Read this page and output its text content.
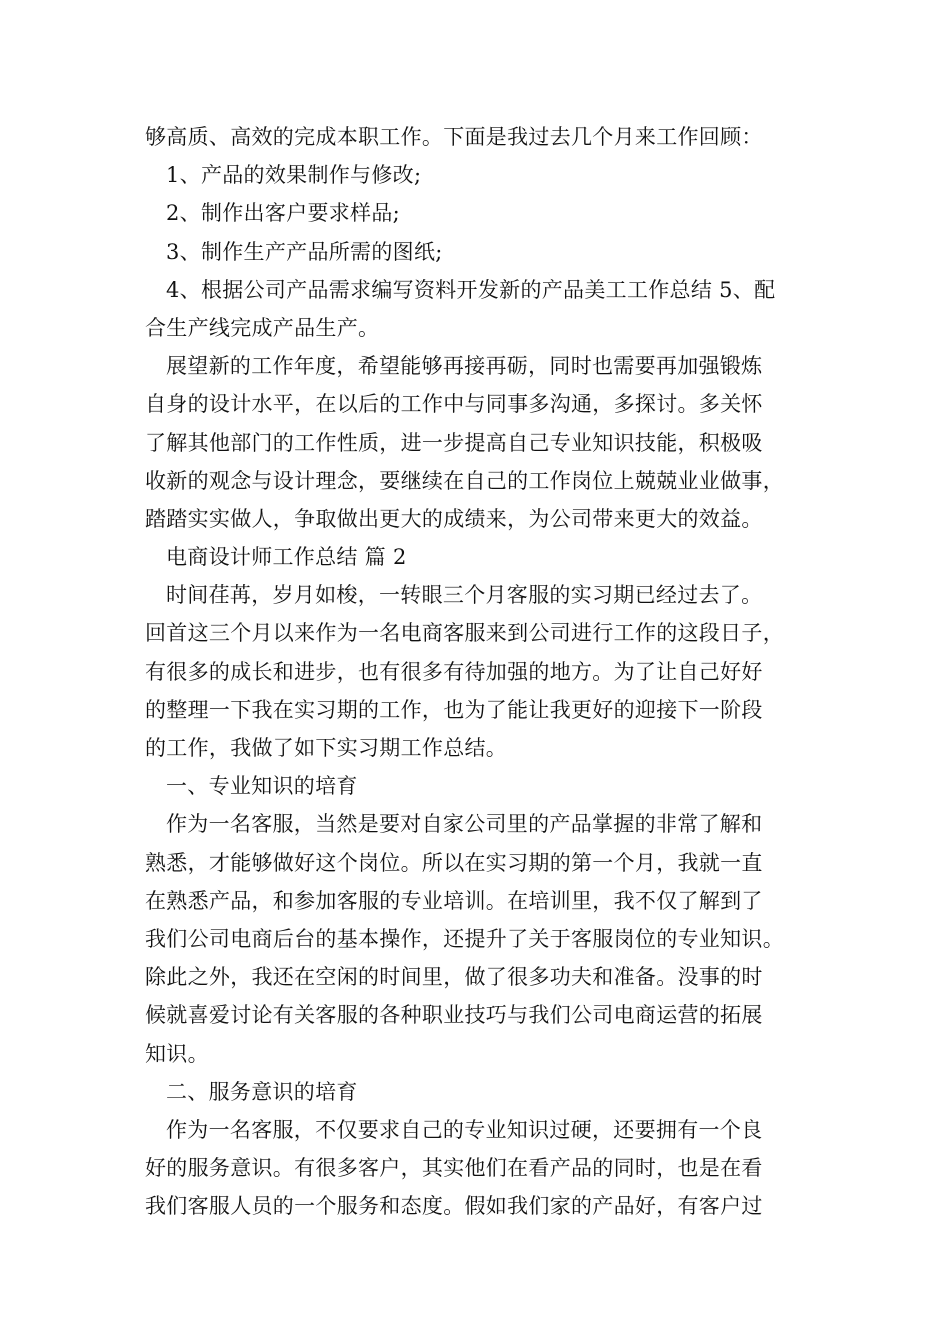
够高质、高效的完成本职工作。下面是我过去几个月来工作回顾：
1、产品的效果制作与修改;
2、制作出客户要求样品;
3、制作生产产品所需的图纸;
4、根据公司产品需求编写资料开发新的产品美工工作总结 5、配
合生产线完成产品生产。
展望新的工作年度，希望能够再接再砺，同时也需要再加强锻炼
自身的设计水平，在以后的工作中与同事多沟通，多探讨。多关怀
了解其他部门的工作性质，进一步提高自己专业知识技能，积极吸
收新的观念与设计理念，要继续在自己的工作岗位上兢兢业业做事，
踏踏实实做人，争取做出更大的成绩来，为公司带来更大的效益。
电商设计师工作总结 篇 2
时间荏苒，岁月如梭，一转眼三个月客服的实习期已经过去了。
回首这三个月以来作为一名电商客服来到公司进行工作的这段日子，
有很多的成长和进步，也有很多有待加强的地方。为了让自己好好
的整理一下我在实习期的工作，也为了能让我更好的迎接下一阶段
的工作，我做了如下实习期工作总结。
一、专业知识的培育
作为一名客服，当然是要对自家公司里的产品掌握的非常了解和
熟悉，才能够做好这个岗位。所以在实习期的第一个月，我就一直
在熟悉产品，和参加客服的专业培训。在培训里，我不仅了解到了
我们公司电商后台的基本操作，还提升了关于客服岗位的专业知识。
除此之外，我还在空闲的时间里，做了很多功夫和准备。没事的时
候就喜爱讨论有关客服的各种职业技巧与我们公司电商运营的拓展
知识。
二、服务意识的培育
作为一名客服，不仅要求自己的专业知识过硬，还要拥有一个良
好的服务意识。有很多客户，其实他们在看产品的同时，也是在看
我们客服人员的一个服务和态度。假如我们家的产品好，有客户过
